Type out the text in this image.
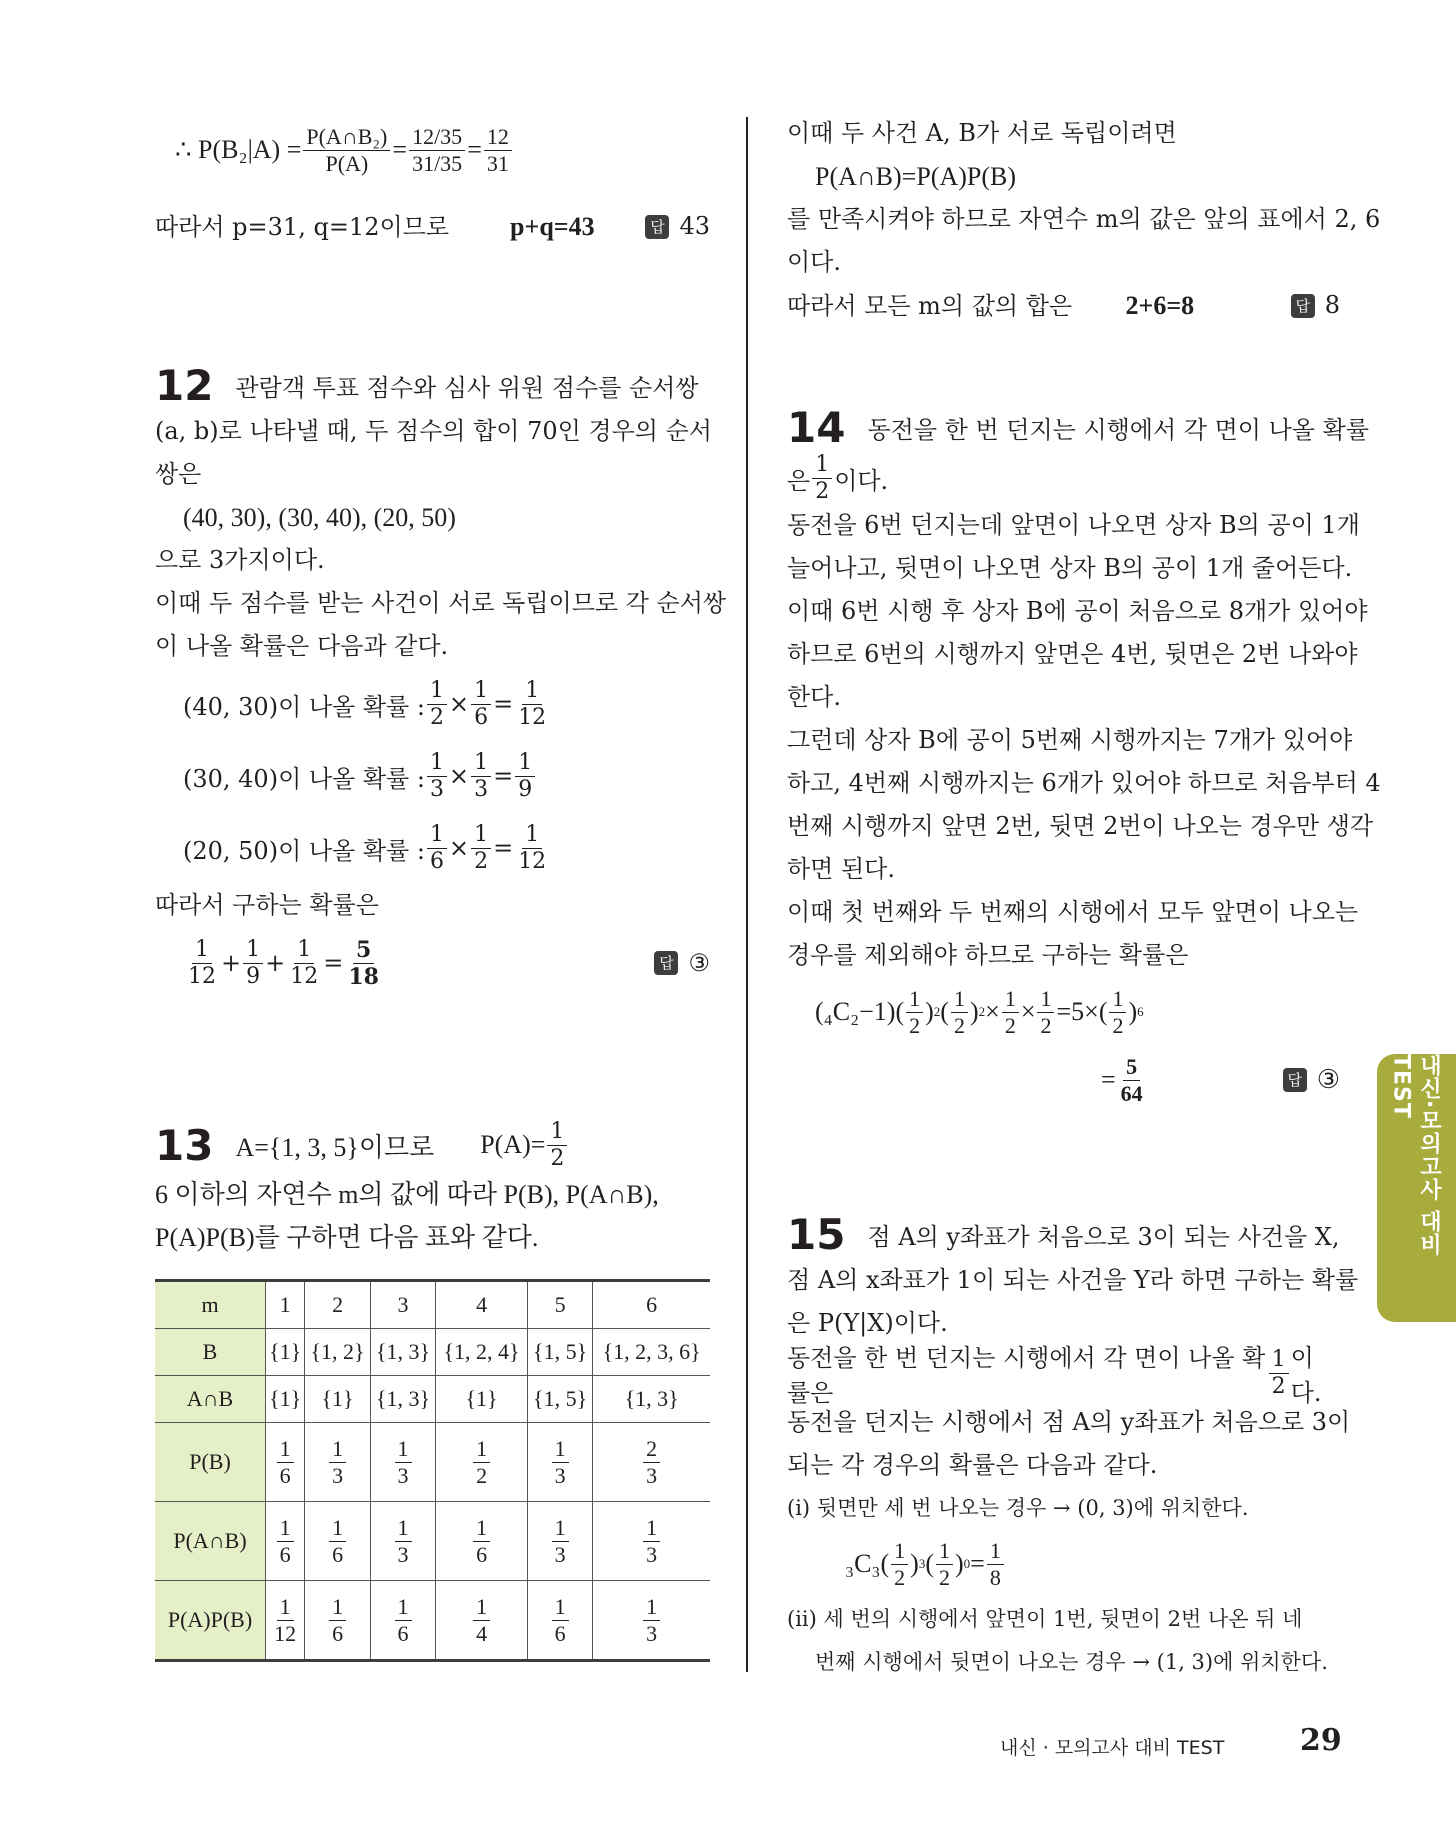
∴ $P(B_2|A) = \frac{\text{P(A∩B₂)}}{P(A)} = \frac{12/35}{31/35} = \frac{12}{31}$

따라서 p=31, q=12이므로 p+q=43	답 43

12 관람객 투표 점수와 심사 위원 점수를 순서쌍

(a, b)로 나타낼 때, 두 점수의 합이 70인 경우의 순서

쌍은

(40, 30), (30, 40), (20, 50)

으로 3가지이다.

이때 두 점수를 받는 사건이 서로 독립이므로 각 순서쌍

이 나올 확률은 다음과 같다.

(40, 30)이 나올 확률 : $\frac{1}{2} \times \frac{1}{6} = \frac{1}{12}$
(30, 40)이 나올 확률 : $\frac{1}{3} \times \frac{1}{3} = \frac{1}{9}$
(20, 50)이 나올 확률 : $\frac{1}{6} \times \frac{1}{2} = \frac{1}{12}$

따라서 구하는 확률은

$\frac{1}{12} + \frac{1}{9} + \frac{1}{12} = \frac{5}{18}$	답 ③
13 A={1, 3, 5}이므로 $P(A)= \frac{1}{2}$

6 이하의 자연수 m의 값에 따라 P(B), P(A∩B),

P(A)P(B)를 구하면 다음 표와 같다.

m	1	2	3	4	5	6
B	{1}	{1, 2}	{1, 3}	{1, 2, 4}	{1, 5}	{1, 2, 3, 6}
A∩B	{1}	{1}	{1, 3}	{1}	{1, 5}	{1, 3}
P(B)	$\frac{1}{6}$	$\frac{1}{3}$	$\frac{1}{3}$	$\frac{1}{2}$	$\frac{1}{3}$	$\frac{2}{3}$

P(A∩B)	$\frac{1}{6}$	$\frac{1}{6}$	$\frac{1}{3}$	$\frac{1}{6}$	$\frac{1}{3}$	$\frac{1}{3}$

P(A)P(B)	$\frac{1}{12}$	$\frac{1}{6}$	$\frac{1}{6}$	$\frac{1}{4}$	$\frac{1}{6}$	$\frac{1}{3}$

이때 두 사건 A, B가 서로 독립이려면

P(A∩B)=P(A)P(B)

를 만족시켜야 하므로 자연수 m의 값은 앞의 표에서 2, 6

이다.

따라서 모든 m의 값의 합은 2+6=8	답 8

14 동전을 한 번 던지는 시행에서 각 면이 나올 확률

은 $\frac{1}{2}$ 이다.

동전을 6번 던지는데 앞면이 나오면 상자 B의 공이 1개

늘어나고, 뒷면이 나오면 상자 B의 공이 1개 줄어든다.

이때 6번 시행 후 상자 B에 공이 처음으로 8개가 있어야

하므로 6번의 시행까지 앞면은 4번, 뒷면은 2번 나와야

한다.

그런데 상자 B에 공이 5번째 시행까지는 7개가 있어야

하고, 4번째 시행까지는 6개가 있어야 하므로 처음부터 4

번째 시행까지 앞면 2번, 뒷면 2번이 나오는 경우만 생각

하면 된다.

이때 첫 번째와 두 번째의 시행에서 모두 앞면이 나오는

경우를 제외해야 하므로 구하는 확률은

(₄C₂−1) ( $\frac{1}{2}$ ) 2 ( $\frac{1}{2}$ ) $2 \times \frac{1}{2} \times \frac{1}{2} =5\times$ ( $\frac{1}{2}$ ) 6
= $\frac{5}{64}$	답 ③

15 점 A의 y좌표가 처음으로 3이 되는 사건을 X,

점 A의 x좌표가 1이 되는 사건을 Y라 하면 구하는 확률

은 P(Y|X)이다.

동전을 한 번 던지는 시행에서 각 면이 나올 확률은	$\frac{1}{2}$ 이다.

동전을 던지는 시행에서 점 A의 y좌표가 처음으로 3이

되는 각 경우의 확률은 다음과 같다.

(i) 뒷면만 세 번 나오는 경우 → (0, 3)에 위치한다.

₃C₃ ( $\frac{1}{2}$ ) 3 ( $\frac{1}{2}$ ) $0 = \frac{1}{8}$

(ii) 세 번의 시행에서 앞면이 1번, 뒷면이 2번 나온 뒤 네

번째 시행에서 뒷면이 나오는 경우 → (1, 3)에 위치한다.

내신·모의고사 대비 TEST
내신 · 모의고사 대비 TEST	29
